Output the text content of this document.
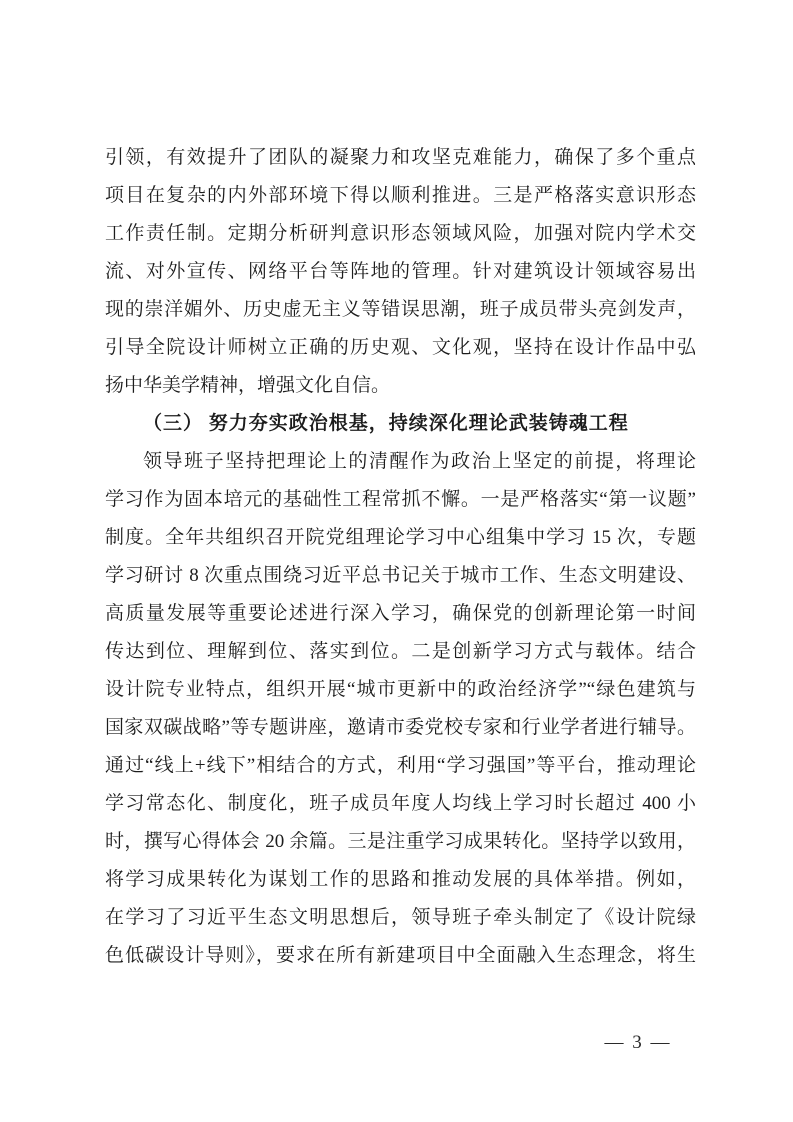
引领，有效提升了团队的凝聚力和攻坚克难能力，确保了多个重点
项目在复杂的内外部环境下得以顺利推进。三是严格落实意识形态
工作责任制。定期分析研判意识形态领域风险，加强对院内学术交
流、对外宣传、网络平台等阵地的管理。针对建筑设计领域容易出
现的崇洋媚外、历史虚无主义等错误思潮，班子成员带头亮剑发声，
引导全院设计师树立正确的历史观、文化观，坚持在设计作品中弘
扬中华美学精神，增强文化自信。
（三） 努力夯实政治根基，持续深化理论武装铸魂工程
领导班子坚持把理论上的清醒作为政治上坚定的前提，将理论
学习作为固本培元的基础性工程常抓不懈。一是严格落实“第一议题”
制度。全年共组织召开院党组理论学习中心组集中学习 15 次，专题
学习研讨 8 次重点围绕习近平总书记关于城市工作、生态文明建设、
高质量发展等重要论述进行深入学习，确保党的创新理论第一时间
传达到位、理解到位、落实到位。二是创新学习方式与载体。结合
设计院专业特点，组织开展“城市更新中的政治经济学”“绿色建筑与
国家双碳战略”等专题讲座，邀请市委党校专家和行业学者进行辅导。
通过“线上+线下”相结合的方式，利用“学习强国”等平台，推动理论
学习常态化、制度化，班子成员年度人均线上学习时长超过 400 小
时，撰写心得体会 20 余篇。三是注重学习成果转化。坚持学以致用，
将学习成果转化为谋划工作的思路和推动发展的具体举措。例如，
在学习了习近平生态文明思想后，领导班子牵头制定了《设计院绿
色低碳设计导则》，要求在所有新建项目中全面融入生态理念，将生
— 3 —
